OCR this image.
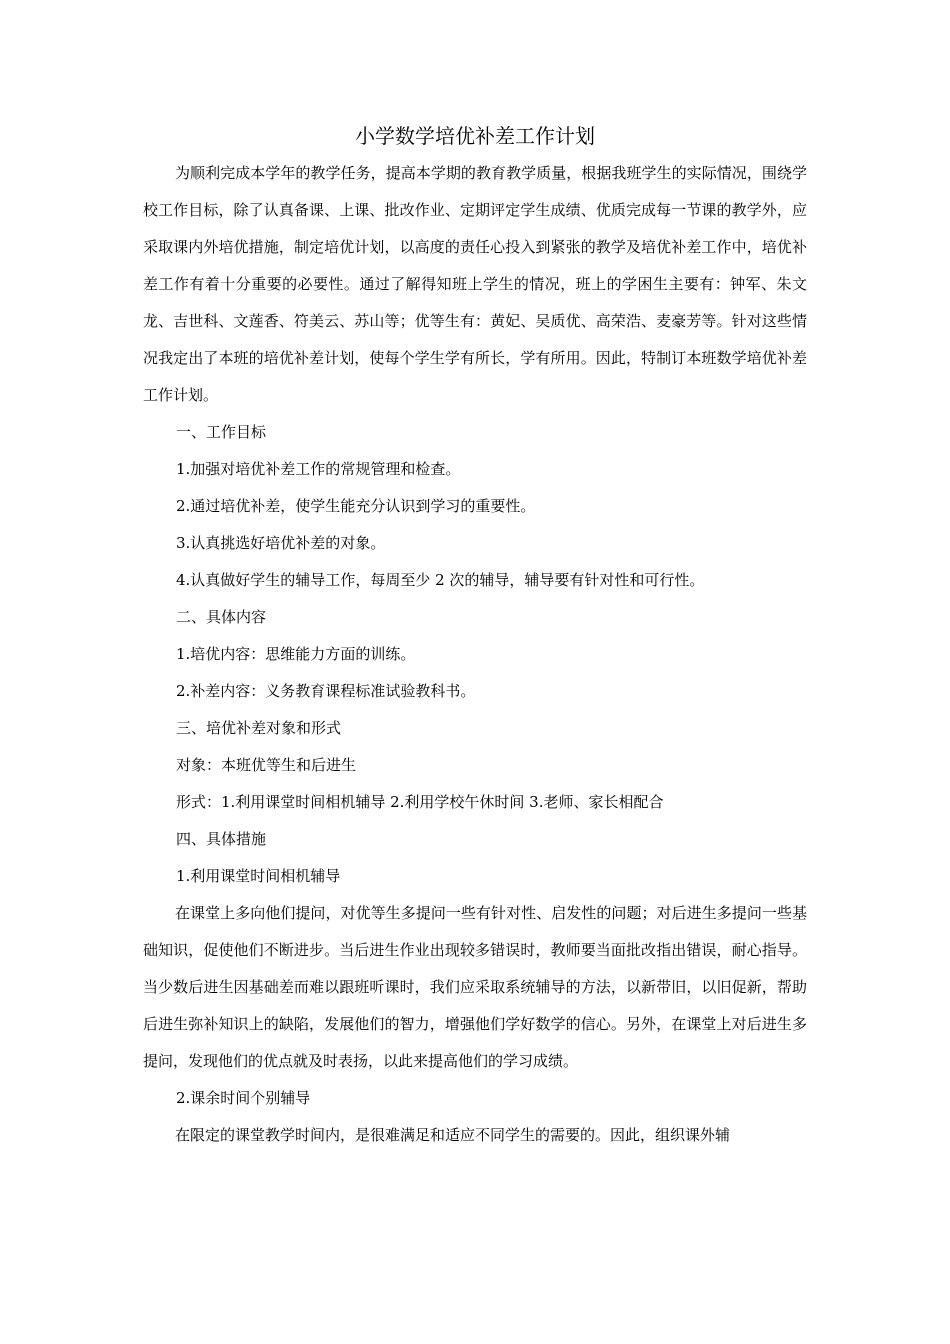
小学数学培优补差工作计划

为顺利完成本学年的教学任务，提高本学期的教育教学质量，根据我班学生的实际情况，围绕学校工作目标，除了认真备课、上课、批改作业、定期评定学生成绩、优质完成每一节课的教学外，应采取课内外培优措施，制定培优计划，以高度的责任心投入到紧张的教学及培优补差工作中，培优补差工作有着十分重要的必要性。通过了解得知班上学生的情况，班上的学困生主要有：钟军、朱文龙、吉世科、文莲香、符美云、苏山等；优等生有：黄妃、吴质优、高荣浩、麦豪芳等。针对这些情况我定出了本班的培优补差计划，使每个学生学有所长，学有所用。因此，特制订本班数学培优补差工作计划。

一、工作目标

1.加强对培优补差工作的常规管理和检查。

2.通过培优补差，使学生能充分认识到学习的重要性。

3.认真挑选好培优补差的对象。

4.认真做好学生的辅导工作，每周至少 2 次的辅导，辅导要有针对性和可行性。

二、具体内容

1.培优内容：思维能力方面的训练。

2.补差内容：义务教育课程标准试验教科书。

三、培优补差对象和形式

对象：本班优等生和后进生

形式：1.利用课堂时间相机辅导 2.利用学校午休时间 3.老师、家长相配合

四、具体措施

1.利用课堂时间相机辅导

在课堂上多向他们提问，对优等生多提问一些有针对性、启发性的问题；对后进生多提问一些基础知识，促使他们不断进步。当后进生作业出现较多错误时，教师要当面批改指出错误，耐心指导。当少数后进生因基础差而难以跟班听课时，我们应采取系统辅导的方法，以新带旧，以旧促新，帮助后进生弥补知识上的缺陷，发展他们的智力，增强他们学好数学的信心。另外，在课堂上对后进生多提问，发现他们的优点就及时表扬，以此来提高他们的学习成绩。

2.课余时间个别辅导

在限定的课堂教学时间内，是很难满足和适应不同学生的需要的。因此，组织课外辅
